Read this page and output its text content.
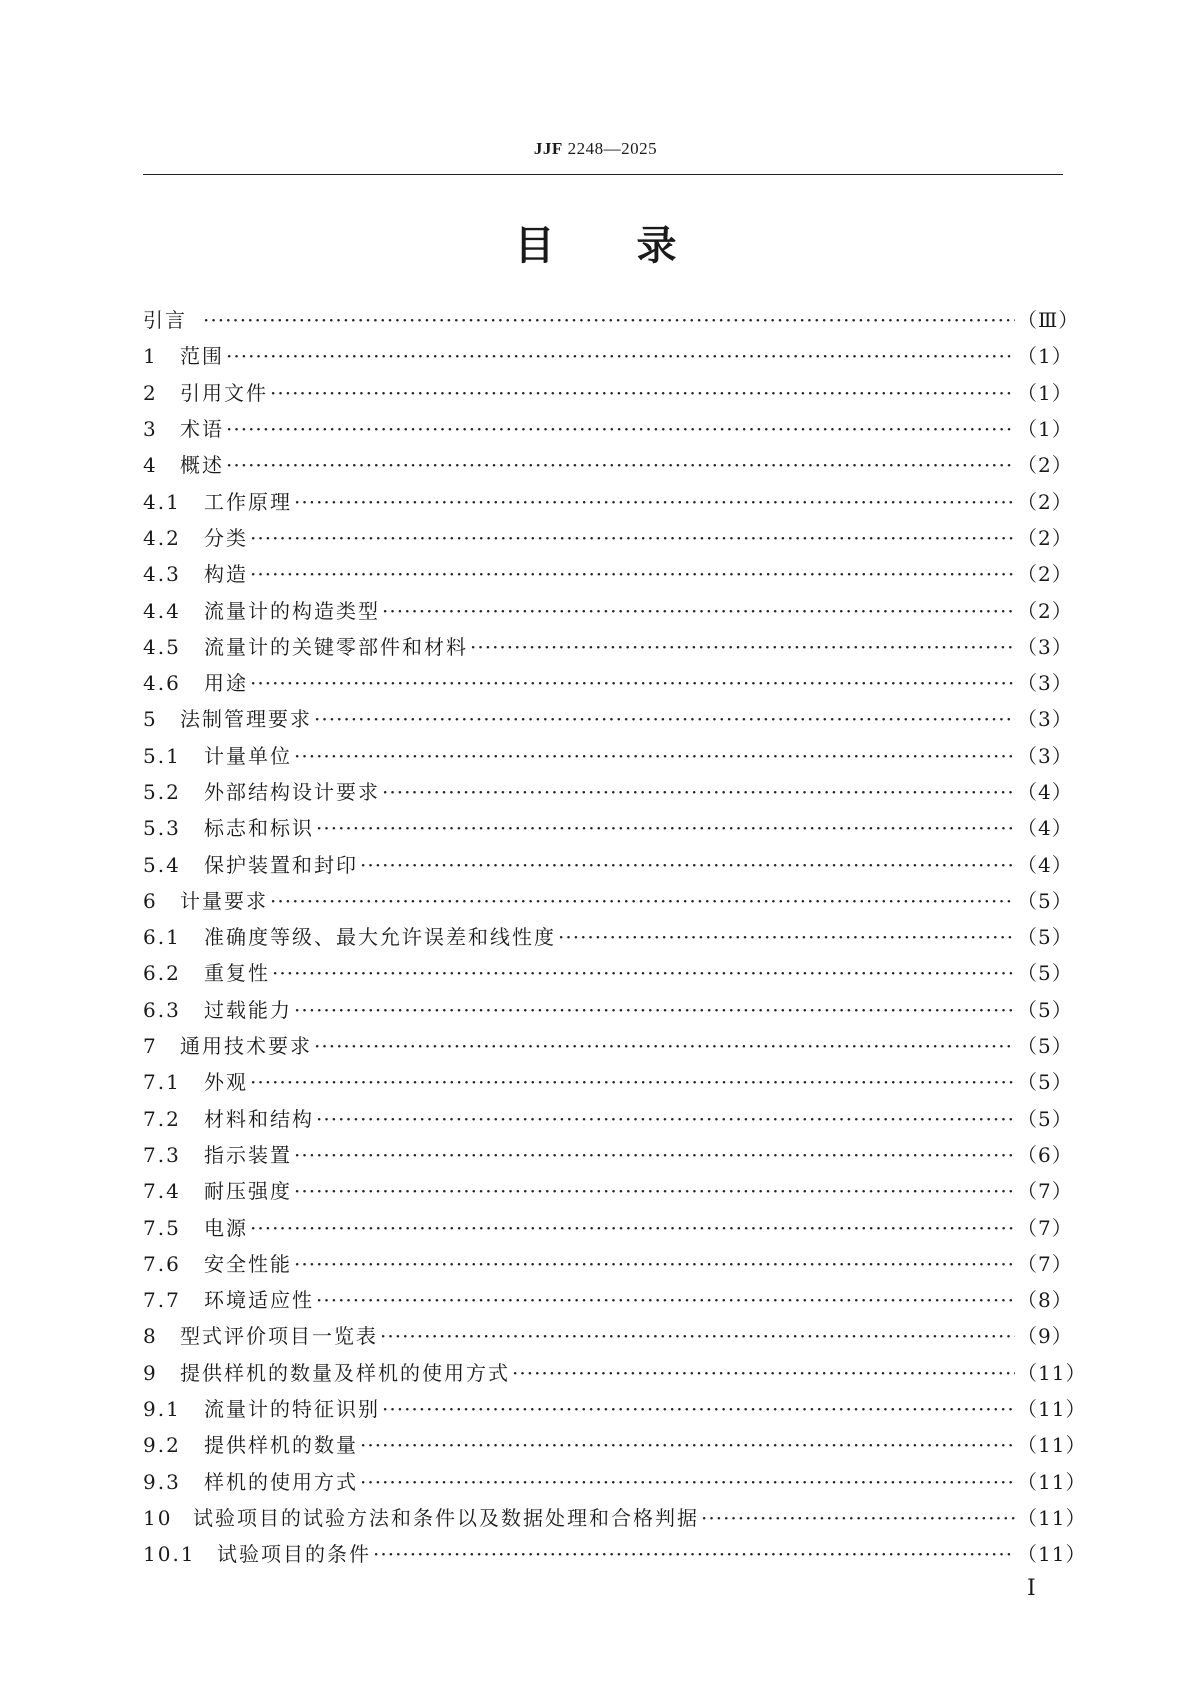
JJF 2248—2025
目 录
引言 ·····	（Ⅲ）
1	范围 ·····	（1）
2	引用文件 ·····	（1）
3	术语 ·····	（1）
4	概述 ·····	（2）
4.1	工作原理 ·····	（2）
4.2	分类 ·····	（2）
4.3	构造 ·····	（2）
4.4	流量计的构造类型 ·····	（2）
4.5	流量计的关键零部件和材料 ·····	（3）
4.6	用途 ·····	（3）
5	法制管理要求 ·····	（3）
5.1	计量单位 ·····	（3）
5.2	外部结构设计要求 ·····	（4）
5.3	标志和标识 ·····	（4）
5.4	保护装置和封印 ·····	（4）
6	计量要求 ·····	（5）
6.1	准确度等级、最大允许误差和线性度 ·····	（5）
6.2	重复性 ·····	（5）
6.3	过载能力 ·····	（5）
7	通用技术要求 ·····	（5）
7.1	外观 ·····	（5）
7.2	材料和结构 ·····	（5）
7.3	指示装置 ·····	（6）
7.4	耐压强度 ·····	（7）
7.5	电源 ·····	（7）
7.6	安全性能 ·····	（7）
7.7	环境适应性 ·····	（8）
8	型式评价项目一览表 ·····	（9）
9	提供样机的数量及样机的使用方式 ·····	（11）
9.1	流量计的特征识别 ·····	（11）
9.2	提供样机的数量 ·····	（11）
9.3	样机的使用方式 ·····	（11）
10	试验项目的试验方法和条件以及数据处理和合格判据 ·····	（11）
10.1	试验项目的条件 ·····	（11）
Ⅰ
